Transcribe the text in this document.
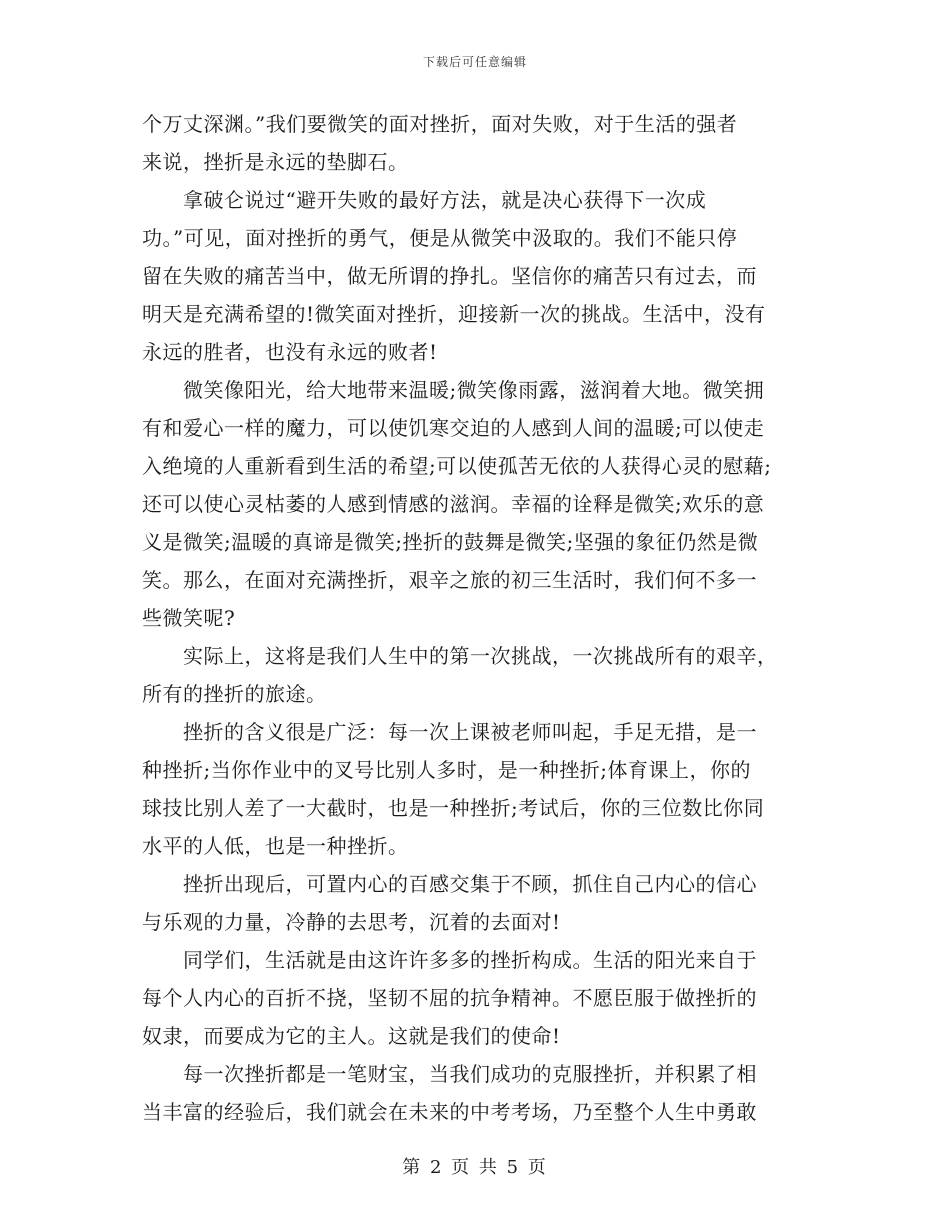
下载后可任意编辑
个万丈深渊。”我们要微笑的面对挫折，面对失败，对于生活的强者
来说，挫折是永远的垫脚石。
　　拿破仑说过“避开失败的最好方法，就是决心获得下一次成
功。”可见，面对挫折的勇气，便是从微笑中汲取的。我们不能只停
留在失败的痛苦当中，做无所谓的挣扎。坚信你的痛苦只有过去，而
明天是充满希望的!微笑面对挫折，迎接新一次的挑战。生活中，没有
永远的胜者，也没有永远的败者!
　　微笑像阳光，给大地带来温暖;微笑像雨露，滋润着大地。微笑拥
有和爱心一样的魔力，可以使饥寒交迫的人感到人间的温暖;可以使走
入绝境的人重新看到生活的希望;可以使孤苦无依的人获得心灵的慰藉;
还可以使心灵枯萎的人感到情感的滋润。幸福的诠释是微笑;欢乐的意
义是微笑;温暖的真谛是微笑;挫折的鼓舞是微笑;坚强的象征仍然是微
笑。那么，在面对充满挫折，艰辛之旅的初三生活时，我们何不多一
些微笑呢?
　　实际上，这将是我们人生中的第一次挑战，一次挑战所有的艰辛，
所有的挫折的旅途。
　　挫折的含义很是广泛：每一次上课被老师叫起，手足无措，是一
种挫折;当你作业中的叉号比别人多时，是一种挫折;体育课上，你的
球技比别人差了一大截时，也是一种挫折;考试后，你的三位数比你同
水平的人低，也是一种挫折。
　　挫折出现后，可置内心的百感交集于不顾，抓住自己内心的信心
与乐观的力量，冷静的去思考，沉着的去面对!
　　同学们，生活就是由这许许多多的挫折构成。生活的阳光来自于
每个人内心的百折不挠，坚韧不屈的抗争精神。不愿臣服于做挫折的
奴隶，而要成为它的主人。这就是我们的使命!
　　每一次挫折都是一笔财宝，当我们成功的克服挫折，并积累了相
当丰富的经验后，我们就会在未来的中考考场，乃至整个人生中勇敢
第 2 页 共 5 页
